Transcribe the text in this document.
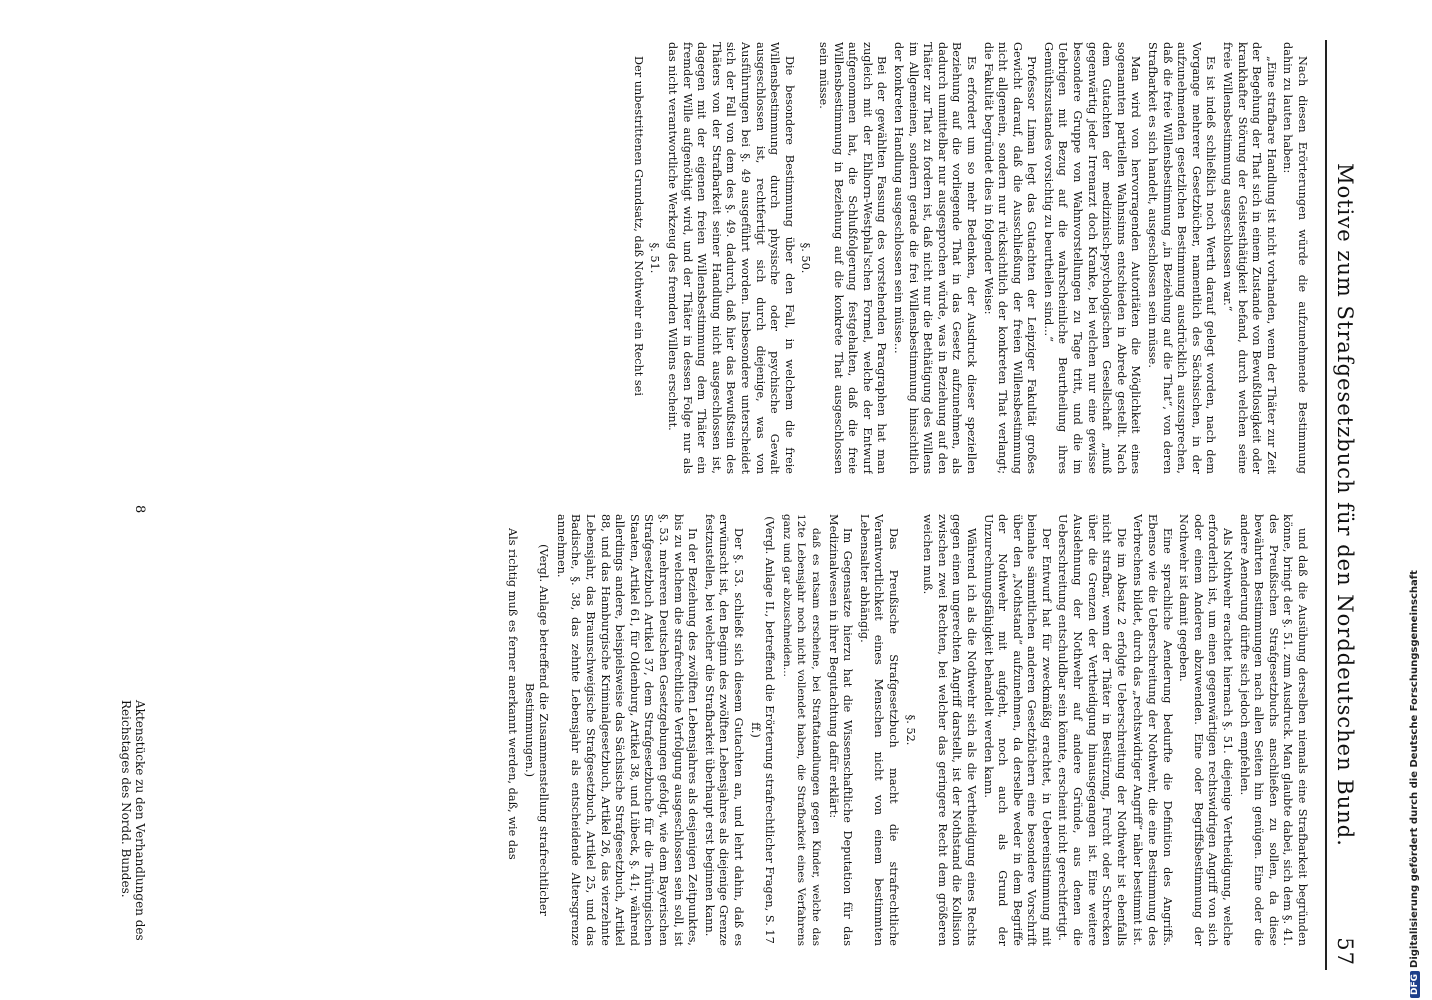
Motive zum Strafgesetzbuch für den Norddeutschen Bund.
57

Nach diesen Erörterungen würde die aufzunehmende Bestimmung dahin zu lauten haben:

„Eine strafbare Handlung ist nicht vorhanden, wenn der Thäter zur Zeit der Begehung der That sich in einem Zustande von Bewußtlosigkeit oder krankhafter Störung der Geistesthätigkeit befand, durch welchen seine freie Willensbestimmung ausgeschlossen war.“

Es ist indeß schließlich noch Werth darauf gelegt worden, nach dem Vorgange mehrerer Gesetzbücher, namentlich des Sächsischen, in der aufzunehmenden gesetzlichen Bestimmung ausdrücklich auszusprechen, daß die freie Willensbestimmung „in Beziehung auf die That“, von deren Strafbarkeit es sich handelt, ausgeschlossen sein müsse.

Man wird von hervorragenden Autoritäten die Möglichkeit eines sogenannten partiellen Wahnsinns entschieden in Abrede gestellt. Nach dem Gutachten der medizinisch-psychologischen Gesellschaft „muß gegenwärtig jeder Irrenarzt doch Kranke, bei welchen nur eine gewisse besondere Gruppe von Wahnvorstellungen zu Tage tritt, und die im Uebrigen mit Bezug auf die wahrscheinliche Beurtheilung ihres Gemüthszustandes vorsichtig zu beurtheilen sind...“

Professor Liman legt das Gutachten der Leipziger Fakultät großes Gewicht darauf, daß die Ausschließung der freien Willensbestimmung nicht allgemein, sondern nur rücksichtlich der konkreten That verlangt; die Fakultät begründet dies in folgender Weise:

Es erfordert um so mehr Bedenken, der Ausdruck dieser speziellen Beziehung auf die vorliegende That in das Gesetz aufzunehmen, als dadurch unmittelbar nur ausgesprochen würde, was in Beziehung auf den Thäter zur That zu fordern ist, daß nicht nur die Bethätigung des Willens im Allgemeinen, sondern gerade die frei Willensbestimmung hinsichtlich der konkreten Handlung ausgeschlossen sein müsse...

Bei der gewählten Fassung des vorstehenden Paragraphen hat man zugleich mit der Ehlhorn-Westphal'schen Formel, welche der Entwurf aufgenommen hat, die Schlußfolgerung festgehalten, daß die freie Willensbestimmung in Beziehung auf die konkrete That ausgeschlossen sein müsse.

§. 50.

Die besondere Bestimmung über den Fall, in welchem die freie Willensbestimmung durch physische oder psychische Gewalt ausgeschlossen ist, rechtfertigt sich durch diejenige, was von Ausführungen bei §. 49 ausgeführt worden. Insbesondere unterscheidet sich der Fall von dem des §. 49. dadurch, daß hier das Bewußtsein des Thäters von der Strafbarkeit seiner Handlung nicht ausgeschlossen ist, dagegen mit der eigenen freien Willensbestimmung dem Thäter ein fremder Wille aufgenöthigt wird, und der Thäter in dessen Folge nur als das nicht verantwortliche Werkzeug des fremden Willens erscheint.

§. 51.

Der unbestrittenen Grundsatz, daß Nothwehr ein Recht sei

und daß die Ausübung derselben niemals eine Strafbarkeit begründen könne, bringt der §. 51. zum Ausdruck. Man glaubte dabei, sich dem §. 41. des Preußischen Strafgesetzbuchs anschließen zu sollen, da diese bewährten Bestimmungen nach allen Seiten hin genügen. Eine oder die andere Aenderung dürfte sich jedoch empfehlen.

Als Nothwehr erachtet hiernach §. 51. diejenige Vertheidigung, welche erforderlich ist, um einen gegenwärtigen rechtswidrigen Angriff von sich oder einem Anderen abzuwenden. Eine oder Begriffsbestimmung der Nothwehr ist damit gegeben.

Eine sprachliche Aenderung bedurfte die Definition des Angriffs. Ebenso wie die Ueberschreitung der Nothwehr, die eine Bestimmung des Verbrechens bildet, durch das „rechtswidriger Angriff“ näher bestimmt ist.

Die im Absatz 2 erfolgte Ueberschreitung der Nothwehr ist ebenfalls nicht strafbar, wenn der Thäter in Bestürzung, Furcht oder Schrecken über die Grenzen der Vertheidigung hinausgegangen ist. Eine weitere Ausdehnung der Nothwehr auf andere Gründe, aus denen die Ueberschreitung entschuldbar sein könnte, erscheint nicht gerechtfertigt.

Der Entwurf hat für zweckmäßig erachtet, in Uebereinstimmung mit beinahe sämmtlichen anderen Gesetzbüchern eine besondere Vorschrift über den „Nothstand“ aufzunehmen, da derselbe weder in dem Begriffe der Nothwehr mit aufgeht, noch auch als Grund der Unzurechnungsfähigkeit behandelt werden kann.

Während ich als die Nothwehr sich als die Vertheidigung eines Rechts gegen einen ungerechten Angriff darstellt, ist der Nothstand die Kollision zwischen zwei Rechten, bei welcher das geringere Recht dem größeren weichen muß.

§. 52.

Das Preußische Strafgesetzbuch macht die strafrechtliche Verantwortlichkeit eines Menschen nicht von einem bestimmten Lebensalter abhängig.

Im Gegensatze hierzu hat die Wissenschaftliche Deputation für das Medizinalwesen in ihrer Begutachtung dafür erklärt:

daß es ratsam erscheine, bei Straftatandlungen gegen Kinder, welche das 12te Lebensjahr noch nicht vollendet haben, die Strafbarkeit eines Verfahrens ganz und gar abzuschneiden...

(Vergl. Anlage II., betreffend die Erörterung strafrechtlicher Fragen, S. 17 ff.)

Der §. 53. schließt sich diesem Gutachten an, und lehrt dahin, daß es erwünscht ist, den Beginn des zwölften Lebensjahres als diejenige Grenze festzustellen, bei welcher die Strafbarkeit überhaupt erst beginnen kann.

In der Beziehung des zwölften Lebensjahres als desjenigen Zeitpunktes, bis zu welchem die strafrechtliche Verfolgung ausgeschlossen sein soll, ist §. 53. mehreren Deutschen Gesetzgebungen gefolgt, wie dem Bayerischen Strafgesetzbuch Artikel 37, dem Strafgesetzbuche für die Thüringischen Staaten, Artikel 61, für Oldenburg, Artikel 38, und Lübeck, §. 41; während allerdings andere, beispielsweise das Sächsische Strafgesetzbuch, Artikel 88, und das Hamburgische Kriminalgesetzbuch, Artikel 26, das vierzehnte Lebensjahr, das Braunschweigische Strafgesetzbuch, Artikel 25, und das Badische, §. 38, das zehnte Lebensjahr als entscheidende Altersgrenze annehmen.

(Vergl. Anlage betreffend die Zusammenstellung strafrechtlicher Bestimmungen.)

Als richtig muß es ferner anerkannt werden, daß, wie das

8
Aktenstücke zu den Verhandlungen des Reichstages des Nordd. Bundes.
DFGDigitalisierung gefördert durch die Deutsche Forschungsgemeinschaft
